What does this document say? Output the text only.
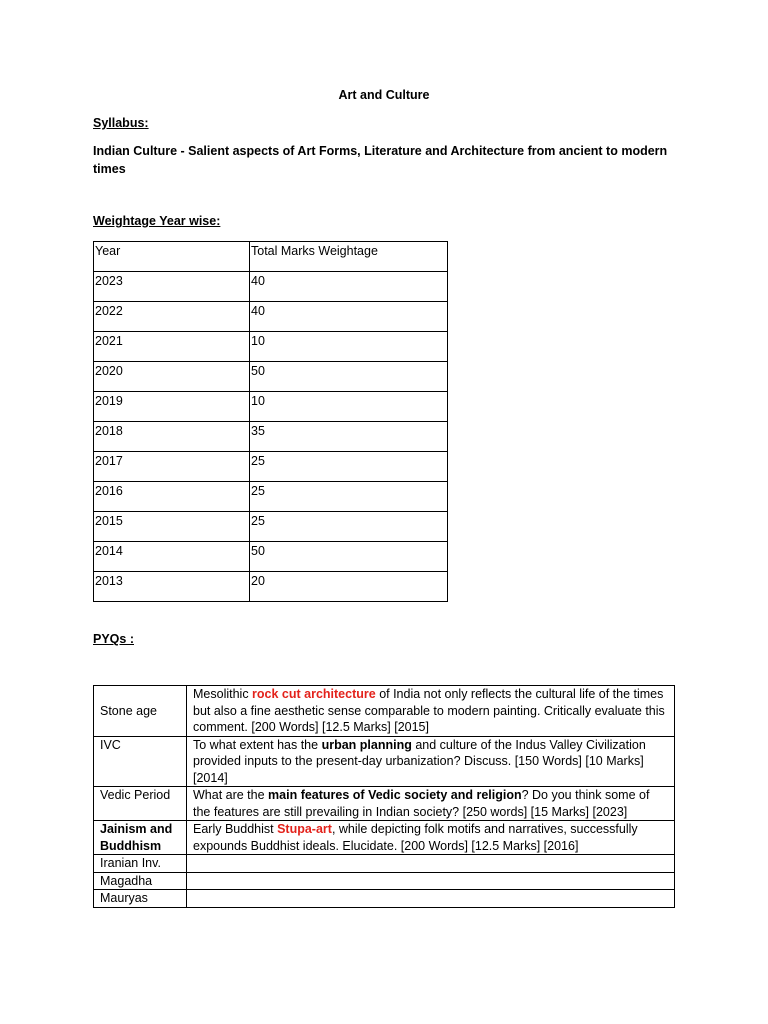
Art and Culture
Syllabus:
Indian Culture - Salient aspects of Art Forms, Literature and Architecture from ancient to modern times
Weightage Year wise:
Year	Total Marks Weightage
2023	40
2022	40
2021	10
2020	50
2019	10
2018	35
2017	25
2016	25
2015	25
2014	50
2013	20
PYQs :
Stone age	Mesolithic rock cut architecture of India not only reflects the cultural life of the times but also a fine aesthetic sense comparable to modern painting. Critically evaluate this comment. [200 Words] [12.5 Marks] [2015]
IVC	To what extent has the urban planning and culture of the Indus Valley Civilization provided inputs to the present-day urbanization? Discuss. [150 Words] [10 Marks] [2014]
Vedic Period	What are the main features of Vedic society and religion? Do you think some of the features are still prevailing in Indian society? [250 words] [15 Marks] [2023]
Jainism and Buddhism	Early Buddhist Stupa-art, while depicting folk motifs and narratives, successfully expounds Buddhist ideals. Elucidate. [200 Words] [12.5 Marks] [2016]
Iranian Inv.	
Magadha	
Mauryas	
